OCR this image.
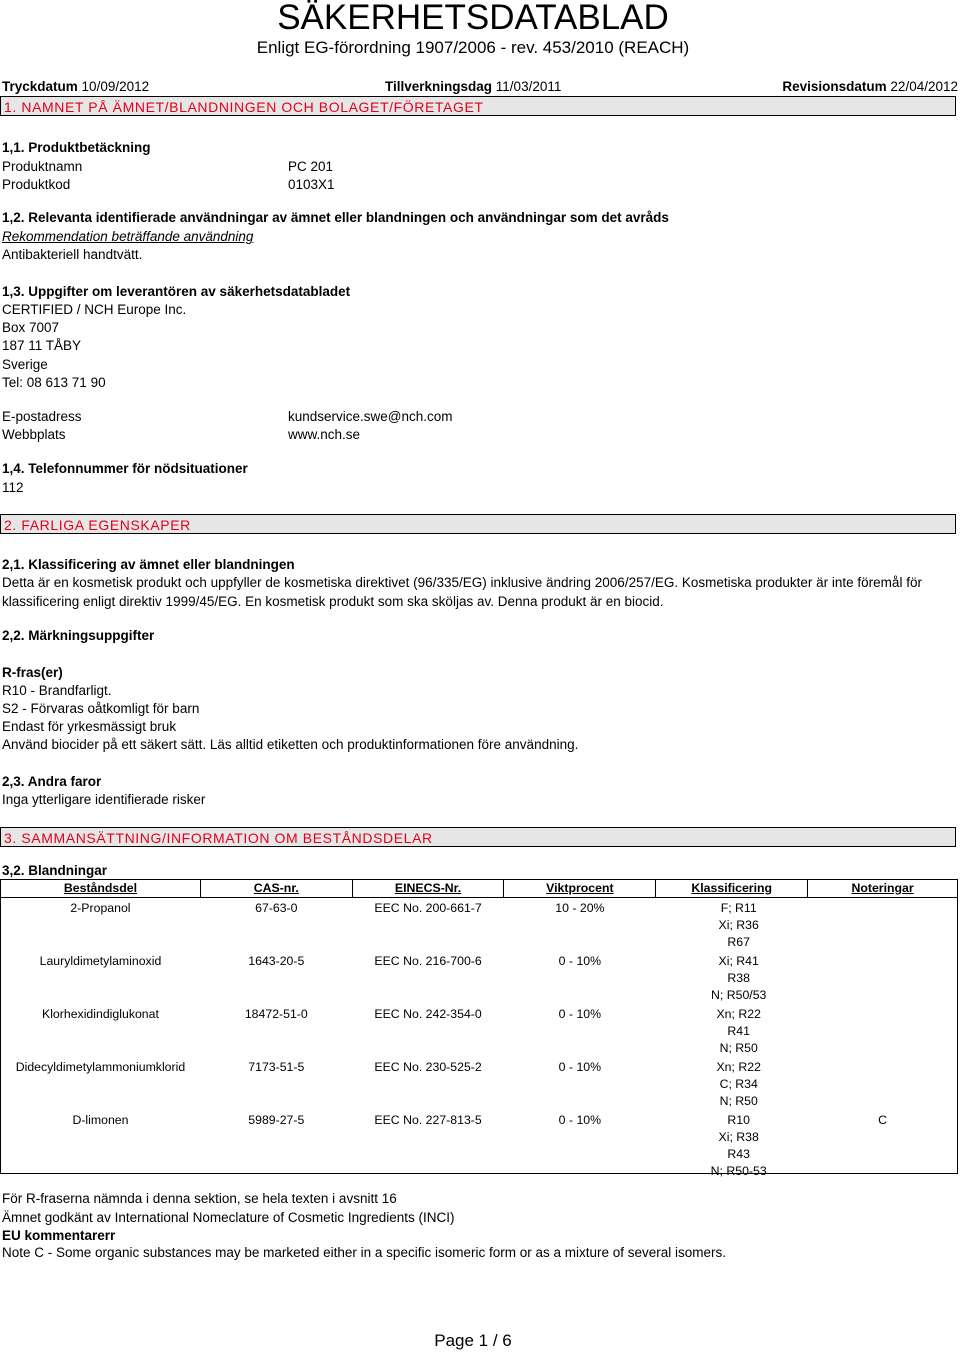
SÄKERHETSDATABLAD
Enligt EG-förordning 1907/2006 - rev. 453/2010 (REACH)
Tryckdatum 10/09/2012	Tillverkningsdag 11/03/2011	Revisionsdatum 22/04/2012
1. NAMNET PÅ ÄMNET/BLANDNINGEN OCH BOLAGET/FÖRETAGET
1,1. Produktbetäckning
Produktnamn	PC 201
Produktkod	0103X1
1,2. Relevanta identifierade användningar av ämnet eller blandningen och användningar som det avråds
Rekommendation beträffande användning
Antibakteriell handtvätt.
1,3. Uppgifter om leverantören av säkerhetsdatabladet
CERTIFIED / NCH Europe Inc.
Box 7007
187 11 TÅBY
Sverige
Tel: 08 613 71 90
E-postadress	kundservice.swe@nch.com
Webbplats	www.nch.se
1,4. Telefonnummer för nödsituationer
112
2. FARLIGA EGENSKAPER
2,1. Klassificering av ämnet eller blandningen
Detta är en kosmetisk produkt och uppfyller de kosmetiska direktivet (96/335/EG) inklusive ändring 2006/257/EG. Kosmetiska produkter är inte föremål för klassificering enligt direktiv 1999/45/EG. En kosmetisk produkt som ska sköljas av. Denna produkt är en biocid.
2,2. Märkningsuppgifter
R-fras(er)
R10 - Brandfarligt.
S2 - Förvaras oåtkomligt för barn
Endast för yrkesmässigt bruk
Använd biocider på ett säkert sätt. Läs alltid etiketten och produktinformationen före användning.
2,3. Andra faror
Inga ytterligare identifierade risker
3. SAMMANSÄTTNING/INFORMATION OM BESTÅNDSDELAR
3,2. Blandningar
Beståndsdel	CAS-nr.	EINECS-Nr.	Viktprocent	Klassificering	Noteringar
2-Propanol	67-63-0	EEC No. 200-661-7	10 - 20%	F; R11
Xi; R36
R67	

Lauryldimetylaminoxid	1643-20-5	EEC No. 216-700-6	0 - 10%	Xi; R41
R38
N; R50/53	

Klorhexidindiglukonat	18472-51-0	EEC No. 242-354-0	0 - 10%	Xn; R22
R41
N; R50	

Didecyldimetylammoniumklorid	7173-51-5	EEC No. 230-525-2	0 - 10%	Xn; R22
C; R34
N; R50	

D-limonen	5989-27-5	EEC No. 227-813-5	0 - 10%	R10
Xi; R38
R43
N; R50-53	C
För R-fraserna nämnda i denna sektion, se hela texten i avsnitt 16
Ämnet godkänt av International Nomeclature of Cosmetic Ingredients (INCI)
EU kommentarerr
Note C - Some organic substances may be marketed either in a specific isomeric form or as a mixture of several isomers.
Page 1 / 6
